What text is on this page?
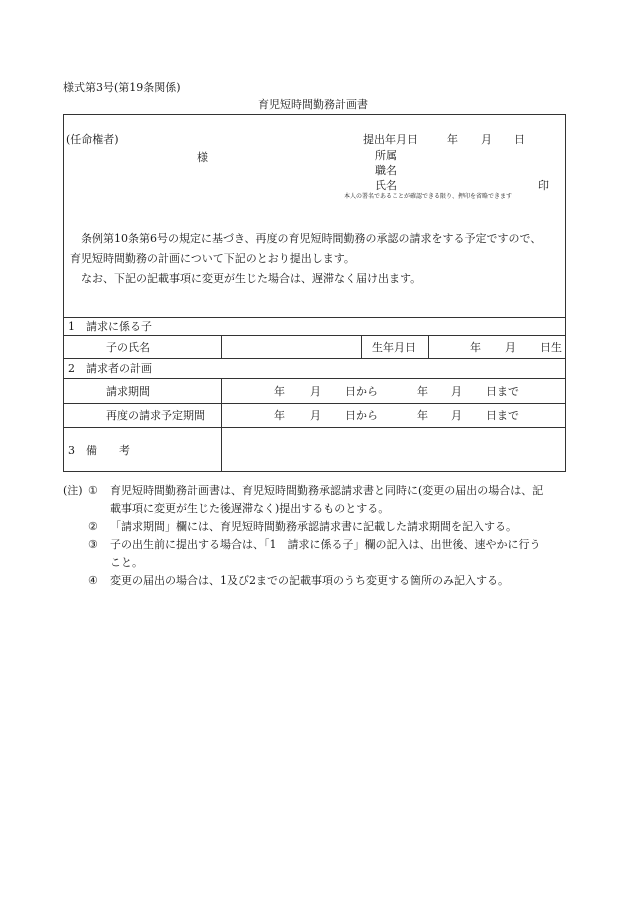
様式第3号(第19条関係)
育児短時間勤務計画書
(任命権者)
様
提出年月日	年 月 日
所属
職名
氏名	印
本人の署名であることが確認できる限り、押印を省略できます
条例第10条第6号の規定に基づき、再度の育児短時間勤務の承認の請求をする予定ですので、
育児短時間勤務の計画について下記のとおり提出します。
なお、下記の記載事項に変更が生じた場合は、遅滞なく届け出ます。
1　請求に係る子
子の氏名	生年月日	年 月 日生
2　請求者の計画
請求期間	年 月 日から	年 月 日まで
再度の請求予定期間	年 月 日から	年 月 日まで
3　備　　考
(注) ① 育児短時間勤務計画書は、育児短時間勤務承認請求書と同時に(変更の届出の場合は、記
載事項に変更が生じた後遅滞なく)提出するものとする。
② 「請求期間」欄には、育児短時間勤務承認請求書に記載した請求期間を記入する。
③ 子の出生前に提出する場合は、「1　請求に係る子」欄の記入は、出世後、速やかに行う
こと。
④ 変更の届出の場合は、1及び2までの記載事項のうち変更する箇所のみ記入する。
